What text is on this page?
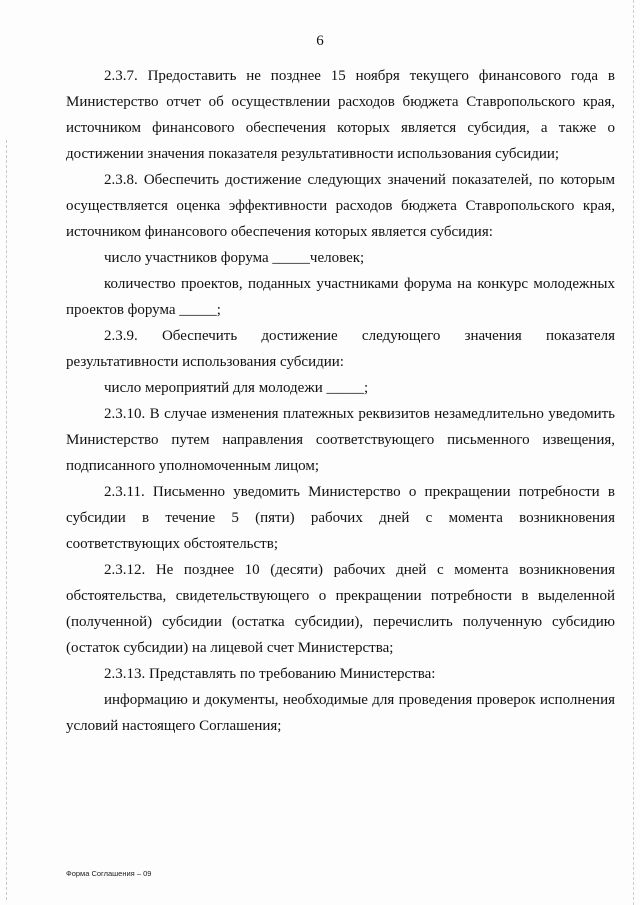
6

2.3.7. Предоставить не позднее 15 ноября текущего финансового года в Министерство отчет об осуществлении расходов бюджета Ставропольского края, источником финансового обеспечения которых является субсидия, а также о достижении значения показателя результативности использования субсидии;

2.3.8. Обеспечить достижение следующих значений показателей, по которым осуществляется оценка эффективности расходов бюджета Ставропольского края, источником финансового обеспечения которых является субсидия:

число участников форума _____человек;

количество проектов, поданных участниками форума на конкурс молодежных проектов форума _____;

2.3.9. Обеспечить достижение следующего значения показателя результативности использования субсидии:

число мероприятий для молодежи _____;

2.3.10. В случае изменения платежных реквизитов незамедлительно уведомить Министерство путем направления соответствующего письменного извещения, подписанного уполномоченным лицом;

2.3.11. Письменно уведомить Министерство о прекращении потребности в субсидии в течение 5 (пяти) рабочих дней с момента возникновения соответствующих обстоятельств;

2.3.12. Не позднее 10 (десяти) рабочих дней с момента возникновения обстоятельства, свидетельствующего о прекращении потребности в выделенной (полученной) субсидии (остатка субсидии), перечислить полученную субсидию (остаток субсидии) на лицевой счет Министерства;

2.3.13. Представлять по требованию Министерства:

информацию и документы, необходимые для проведения проверок исполнения условий настоящего Соглашения;

Форма Соглашения – 09
